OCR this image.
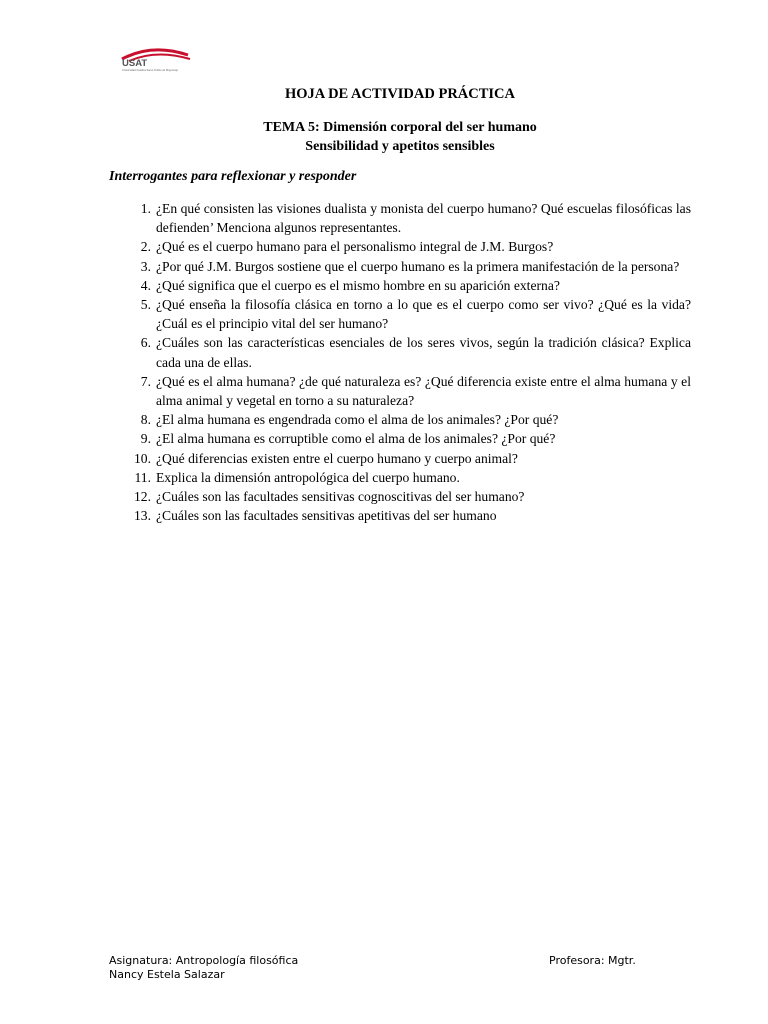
USAT
Universidad Católica Santo Toribio de Mogrovejo
HOJA DE ACTIVIDAD PRÁCTICA
TEMA 5: Dimensión corporal del ser humano
Sensibilidad y apetitos sensibles
Interrogantes para reflexionar y responder
1. ¿En qué consisten las visiones dualista y monista del cuerpo humano? Qué escuelas filosóficas las defienden’ Menciona algunos representantes.
2. ¿Qué es el cuerpo humano para el personalismo integral de J.M. Burgos?
3. ¿Por qué J.M. Burgos sostiene que el cuerpo humano es la primera manifestación de la persona?
4. ¿Qué significa que el cuerpo es el mismo hombre en su aparición externa?
5. ¿Qué enseña la filosofía clásica en torno a lo que es el cuerpo como ser vivo? ¿Qué es la vida? ¿Cuál es el principio vital del ser humano?
6. ¿Cuáles son las características esenciales de los seres vivos, según la tradición clásica? Explica cada una de ellas.
7. ¿Qué es el alma humana? ¿de qué naturaleza es? ¿Qué diferencia existe entre el alma humana y el alma animal y vegetal en torno a su naturaleza?
8. ¿El alma humana es engendrada como el alma de los animales? ¿Por qué?
9. ¿El alma humana es corruptible como el alma de los animales? ¿Por qué?
10. ¿Qué diferencias existen entre el cuerpo humano y cuerpo animal?
11. Explica la dimensión antropológica del cuerpo humano.
12. ¿Cuáles son las facultades sensitivas cognoscitivas del ser humano?
13. ¿Cuáles son las facultades sensitivas apetitivas del ser humano
Asignatura: Antropología filosófica	Profesora: Mgtr.
Nancy Estela Salazar
